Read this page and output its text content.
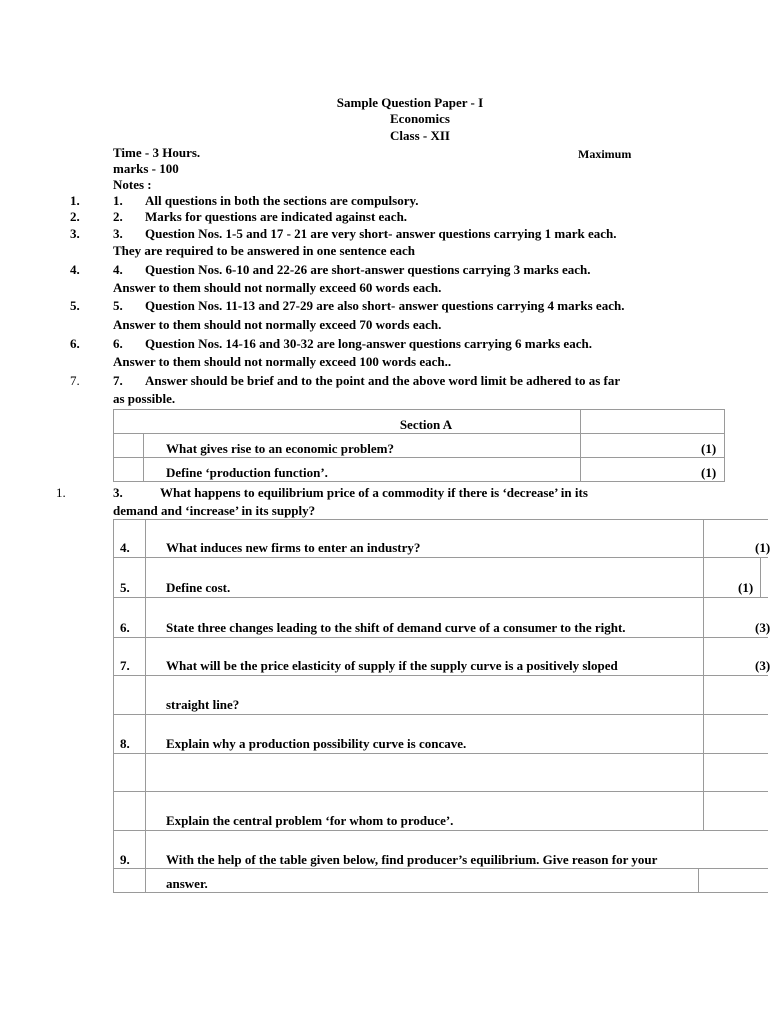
Sample Question Paper - I
Economics
Class - XII
Time - 3 Hours.	Maximum
marks - 100
Notes :
1.	1. All questions in both the sections are compulsory.
2.	2. Marks for questions are indicated against each.
3.	3. Question Nos. 1-5 and 17 - 21 are very short- answer questions carrying 1 mark each.
They are required to be answered in one sentence each
4.	4. Question Nos. 6-10 and 22-26 are short-answer questions carrying 3 marks each.
Answer to them should not normally exceed 60 words each.
5.	5. Question Nos. 11-13 and 27-29 are also short- answer questions carrying 4 marks each.
Answer to them should not normally exceed 70 words each.
6.	6. Question Nos. 14-16 and 30-32 are long-answer questions carrying 6 marks each.
Answer to them should not normally exceed 100 words each..
7.	7. Answer should be brief and to the point and the above word limit be adhered to as far
as possible.
Section A
What gives rise to an economic problem?	(1)
Define ‘production function’.	(1)
1.	3.	What happens to equilibrium price of a commodity if there is ‘decrease’ in its
demand and ‘increase’ in its supply?
4.	What induces new firms to enter an industry?	(1)
5.	Define cost.	(1)
6.	State three changes leading to the shift of demand curve of a consumer to the right.	(3)
7.	What will be the price elasticity of supply if the supply curve is a positively sloped	(3)
straight line?
8.	Explain why a production possibility curve is concave.
Explain the central problem ‘for whom to produce’.
9.	With the help of the table given below, find producer’s equilibrium. Give reason for your
answer.
